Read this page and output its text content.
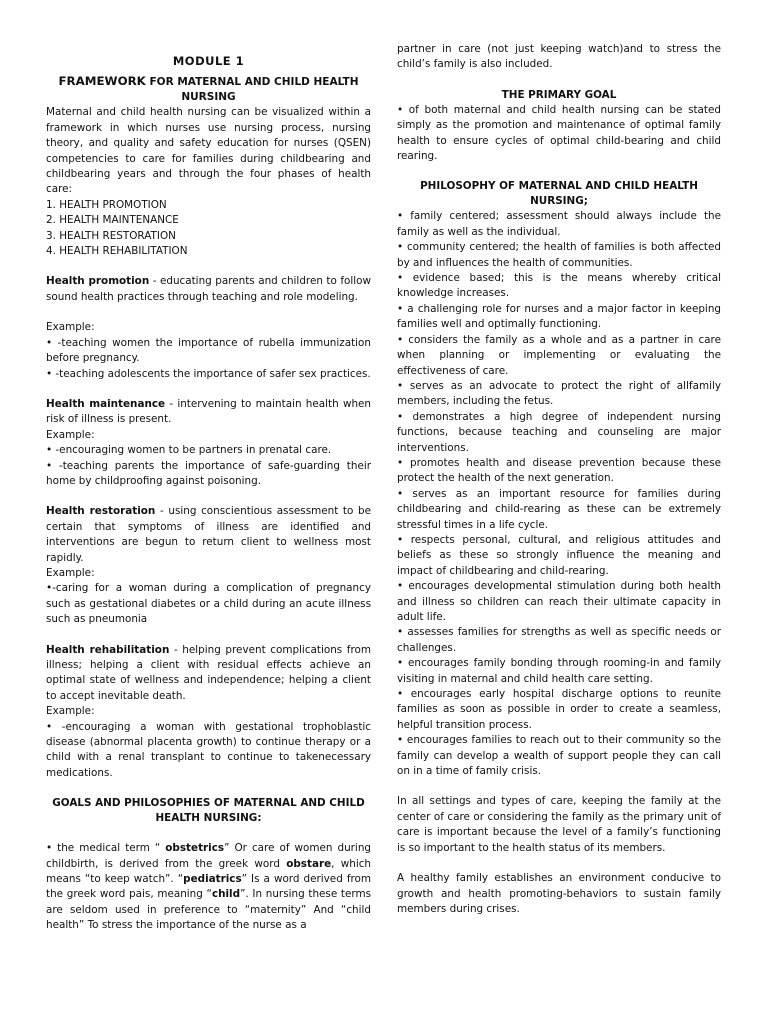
MODULE 1
FRAMEWORK FOR MATERNAL AND CHILD HEALTH NURSING

Maternal and child health nursing can be visualized within a framework in which nurses use nursing process, nursing theory, and quality and safety education for nurses (QSEN) competencies to care for families during childbearing and childbearing years and through the four phases of health care:

1. HEALTH PROMOTION

2. HEALTH MAINTENANCE

3. HEALTH RESTORATION

4. HEALTH REHABILITATION

Health promotion - educating parents and children to follow sound health practices through teaching and role modeling.

Example:

• -teaching women the importance of rubella immunization before pregnancy.

• -teaching adolescents the importance of safer sex practices.

Health maintenance - intervening to maintain health when risk of illness is present.

Example:

• -encouraging women to be partners in prenatal care.

• -teaching parents the importance of safe-guarding their home by childproofing against poisoning.

Health restoration - using conscientious assessment to be certain that symptoms of illness are identified and interventions are begun to return client to wellness most rapidly.

Example:

•-caring for a woman during a complication of pregnancy such as gestational diabetes or a child during an acute illness such as pneumonia

Health rehabilitation - helping prevent complications from illness; helping a client with residual effects achieve an optimal state of wellness and independence; helping a client to accept inevitable death.

Example:

• -encouraging a woman with gestational trophoblastic disease (abnormal placenta growth) to continue therapy or a child with a renal transplant to continue to takenecessary medications.

GOALS AND PHILOSOPHIES OF MATERNAL AND CHILD HEALTH NURSING:

• the medical term “ obstetrics” Or care of women during childbirth, is derived from the greek word obstare, which means “to keep watch”. “pediatrics” Is a word derived from the greek word pais, meaning “child”. In nursing these terms are seldom used in preference to “maternity” And “child health” To stress the importance of the nurse as a

partner in care (not just keeping watch)and to stress the child’s family is also included.

THE PRIMARY GOAL

• of both maternal and child health nursing can be stated simply as the promotion and maintenance of optimal family health to ensure cycles of optimal child-bearing and child rearing.

PHILOSOPHY OF MATERNAL AND CHILD HEALTH NURSING;

• family centered; assessment should always include the family as well as the individual.

• community centered; the health of families is both affected by and influences the health of communities.

• evidence based; this is the means whereby critical knowledge increases.

• a challenging role for nurses and a major factor in keeping families well and optimally functioning.

• considers the family as a whole and as a partner in care when planning or implementing or evaluating the effectiveness of care.

• serves as an advocate to protect the right of allfamily members, including the fetus.

• demonstrates a high degree of independent nursing functions, because teaching and counseling are major interventions.

• promotes health and disease prevention because these protect the health of the next generation.

• serves as an important resource for families during childbearing and child-rearing as these can be extremely stressful times in a life cycle.

• respects personal, cultural, and religious attitudes and beliefs as these so strongly influence the meaning and impact of childbearing and child-rearing.

• encourages developmental stimulation during both health and illness so children can reach their ultimate capacity in adult life.

• assesses families for strengths as well as specific needs or challenges.

• encourages family bonding through rooming-in and family visiting in maternal and child health care setting.

• encourages early hospital discharge options to reunite families as soon as possible in order to create a seamless, helpful transition process.

• encourages families to reach out to their community so the family can develop a wealth of support people they can call on in a time of family crisis.

In all settings and types of care, keeping the family at the center of care or considering the family as the primary unit of care is important because the level of a family’s functioning is so important to the health status of its members.

A healthy family establishes an environment conducive to growth and health promoting-behaviors to sustain family members during crises.
